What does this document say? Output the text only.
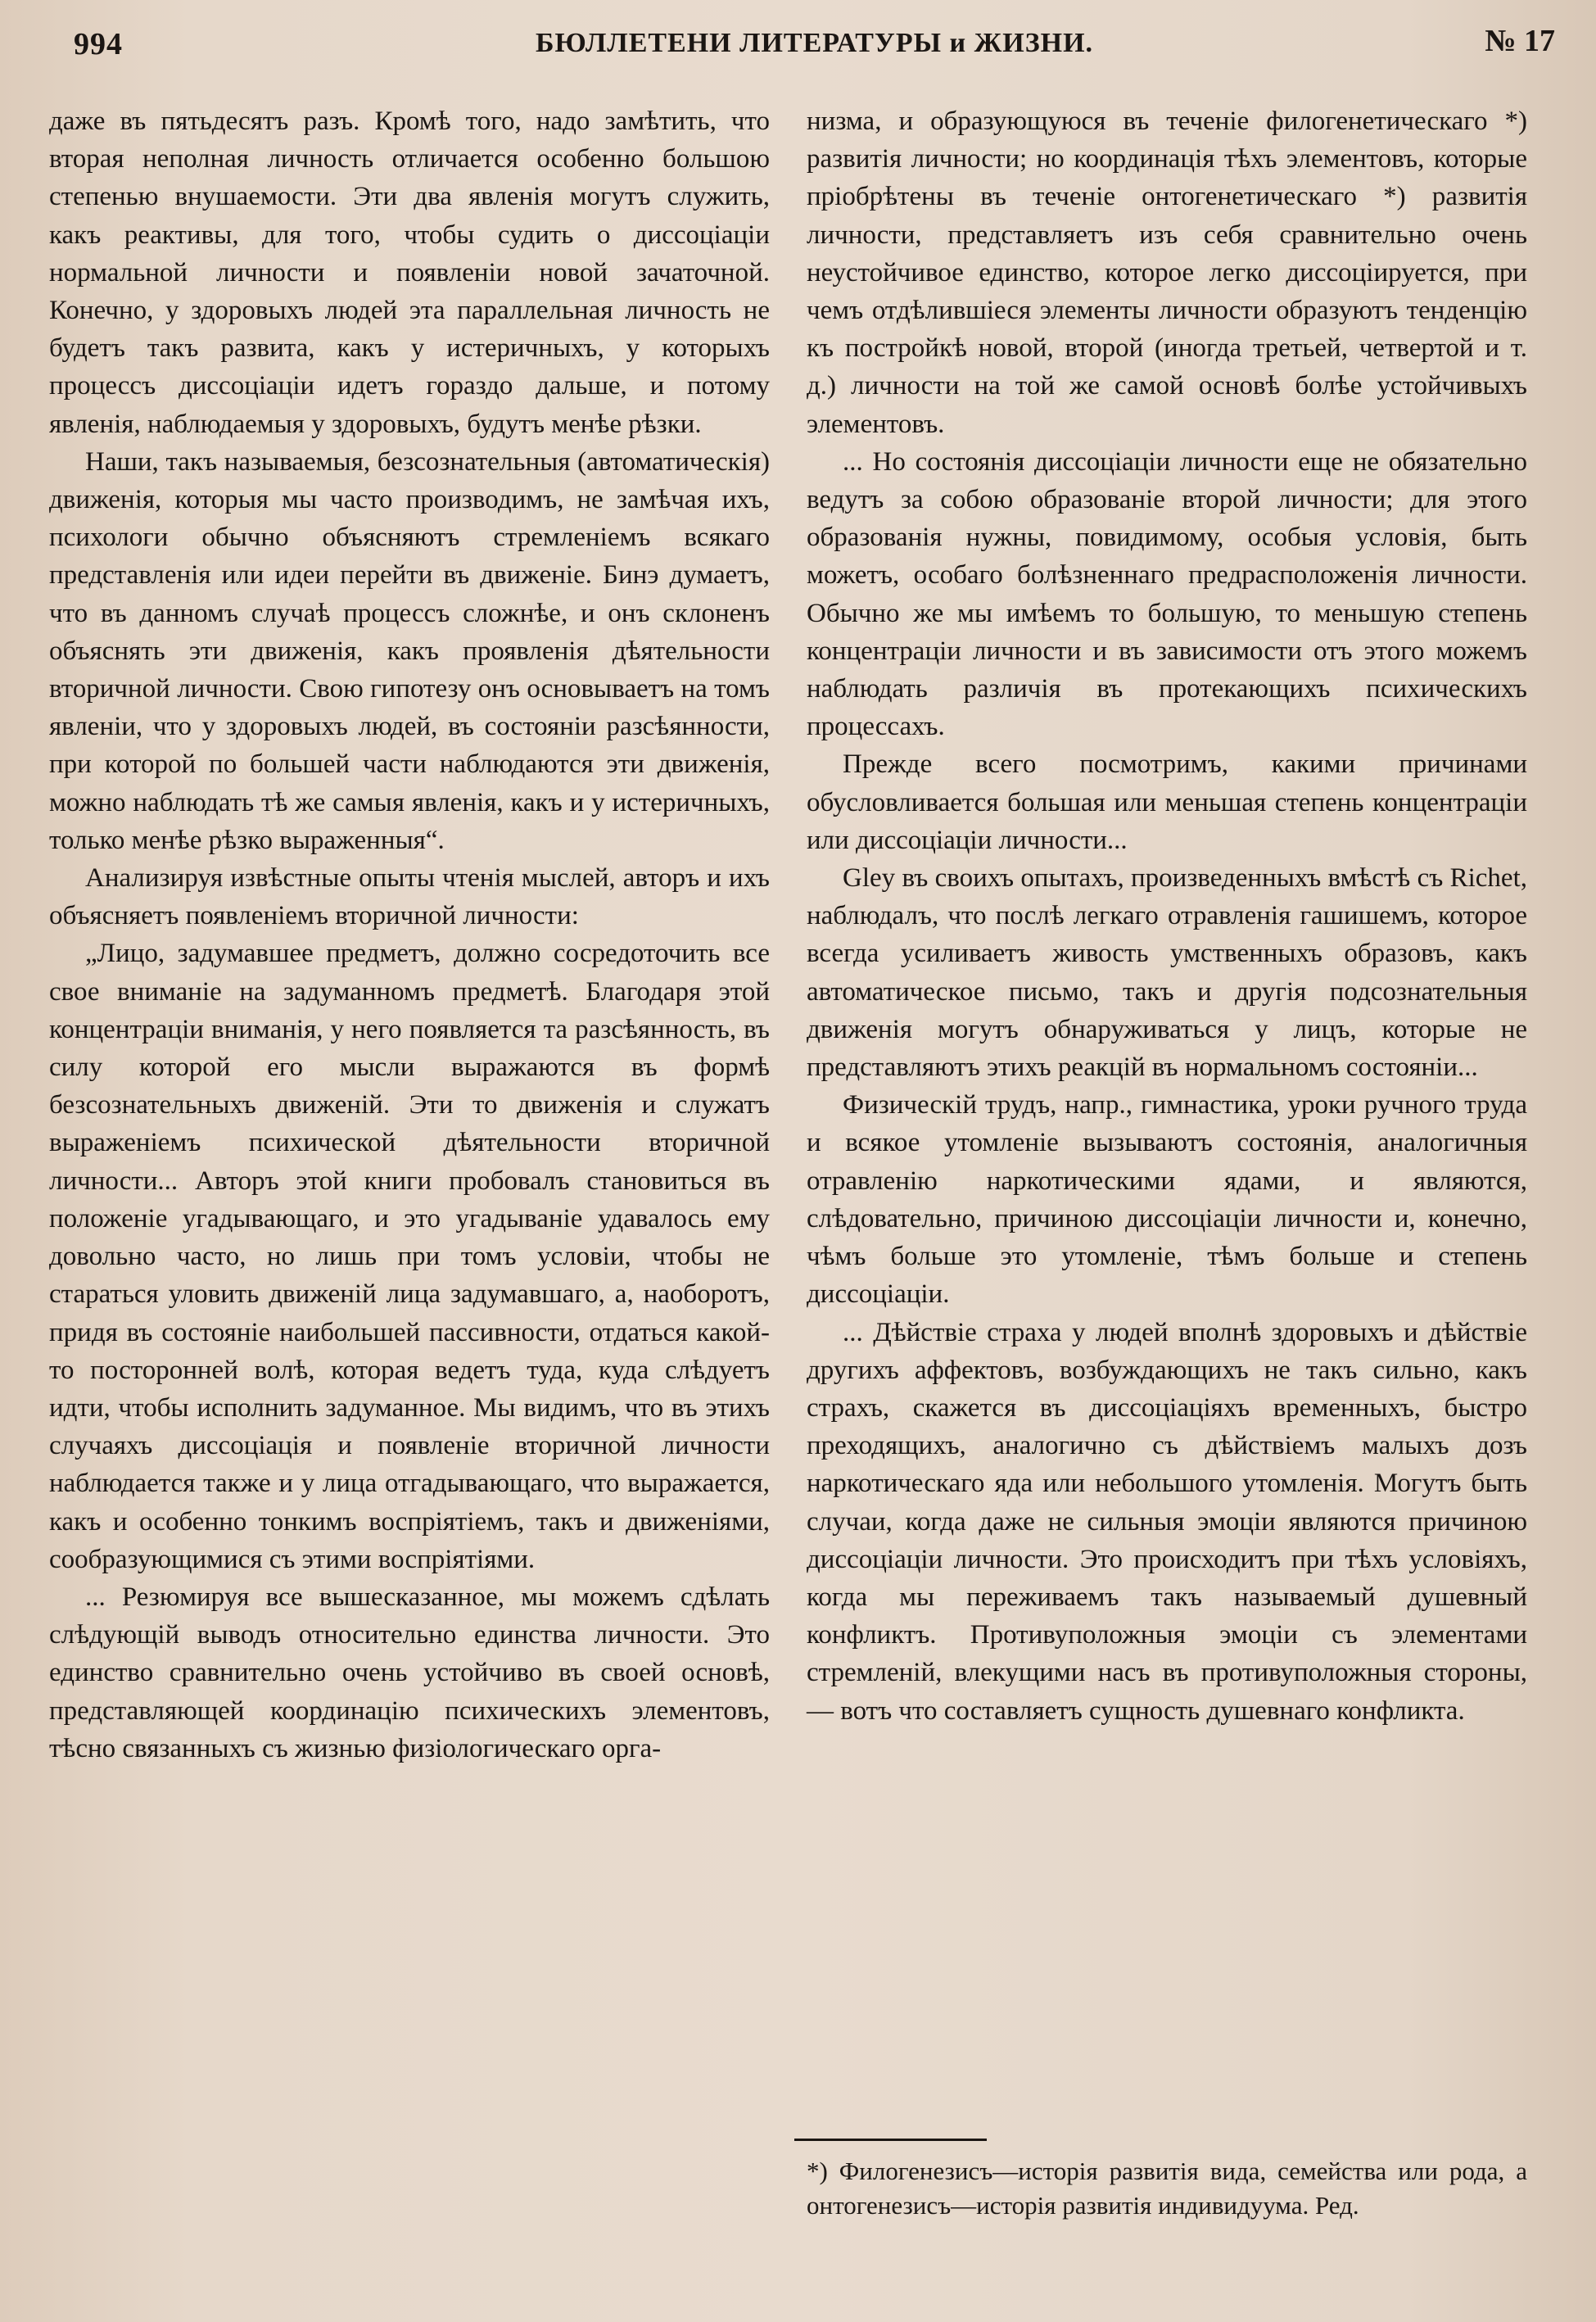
994	БЮЛЛЕТЕНИ ЛИТЕРАТУРЫ и ЖИЗНИ.	№ 17

даже въ пятьдесятъ разъ. Кромѣ того, надо замѣтить, что вторая неполная личность отличается особенно большою степенью внушаемости. Эти два явленія могутъ служить, какъ реактивы, для того, чтобы судить о диссоціаціи нормальной личности и появленіи новой зачаточной. Конечно, у здоровыхъ людей эта параллельная личность не будетъ такъ развита, какъ у истеричныхъ, у которыхъ процессъ диссоціаціи идетъ гораздо дальше, и потому явленія, наблюдаемыя у здоровыхъ, будутъ менѣе рѣзки.

Наши, такъ называемыя, безсознательныя (автоматическія) движенія, которыя мы часто производимъ, не замѣчая ихъ, психологи обычно объясняютъ стремленіемъ всякаго представленія или идеи перейти въ движеніе. Бинэ думаетъ, что въ данномъ случаѣ процессъ сложнѣе, и онъ склоненъ объяснять эти движенія, какъ проявленія дѣятельности вторичной личности. Свою гипотезу онъ основываетъ на томъ явленіи, что у здоровыхъ людей, въ состояніи разсѣянности, при которой по большей части наблюдаются эти движенія, можно наблюдать тѣ же самыя явленія, какъ и у истеричныхъ, только менѣе рѣзко выраженныя“.

Анализируя извѣстные опыты чтенія мыслей, авторъ и ихъ объясняетъ появленіемъ вторичной личности:

„Лицо, задумавшее предметъ, должно сосредоточить все свое вниманіе на задуманномъ предметѣ. Благодаря этой концентраціи вниманія, у него появляется та разсѣянность, въ силу которой его мысли выражаются въ формѣ безсознательныхъ движеній. Эти то движенія и служатъ выраженіемъ психической дѣятельности вторичной личности... Авторъ этой книги пробовалъ становиться въ положеніе угадывающаго, и это угадываніе удавалось ему довольно часто, но лишь при томъ условіи, чтобы не стараться уловить движеній лица задумавшаго, а, наоборотъ, придя въ состояніе наибольшей пассивности, отдаться какой-то посторонней волѣ, которая ведетъ туда, куда слѣдуетъ идти, чтобы исполнить задуманное. Мы видимъ, что въ этихъ случаяхъ диссоціація и появленіе вторичной личности наблюдается также и у лица отгадывающаго, что выражается, какъ и особенно тонкимъ воспріятіемъ, такъ и движеніями, сообразующимися съ этими воспріятіями.

... Резюмируя все вышесказанное, мы можемъ сдѣлать слѣдующій выводъ относительно единства личности. Это единство сравнительно очень устойчиво въ своей основѣ, представляющей координацію психическихъ элементовъ, тѣсно связанныхъ съ жизнью физіологическаго орга-

низма, и образующуюся въ теченіе филогенетическаго *) развитія личности; но координація тѣхъ элементовъ, которые пріобрѣтены въ теченіе онтогенетическаго *) развитія личности, представляетъ изъ себя сравнительно очень неустойчивое единство, которое легко диссоціируется, при чемъ отдѣлившіеся элементы личности образуютъ тенденцію къ постройкѣ новой, второй (иногда третьей, четвертой и т. д.) личности на той же самой основѣ болѣе устойчивыхъ элементовъ.

... Но состоянія диссоціаціи личности еще не обязательно ведутъ за собою образованіе второй личности; для этого образованія нужны, повидимому, особыя условія, быть можетъ, особаго болѣзненнаго предрасположенія личности. Обычно же мы имѣемъ то большую, то меньшую степень концентраціи личности и въ зависимости отъ этого можемъ наблюдать различія въ протекающихъ психическихъ процессахъ.

Прежде всего посмотримъ, какими причинами обусловливается большая или меньшая степень концентраціи или диссоціаціи личности...

Gley въ своихъ опытахъ, произведенныхъ вмѣстѣ съ Richet, наблюдалъ, что послѣ легкаго отравленія гашишемъ, которое всегда усиливаетъ живость умственныхъ образовъ, какъ автоматическое письмо, такъ и другія подсознательныя движенія могутъ обнаруживаться у лицъ, которые не представляютъ этихъ реакцій въ нормальномъ состояніи...

Физическій трудъ, напр., гимнастика, уроки ручного труда и всякое утомленіе вызываютъ состоянія, аналогичныя отравленію наркотическими ядами, и являются, слѣдовательно, причиною диссоціаціи личности и, конечно, чѣмъ больше это утомленіе, тѣмъ больше и степень диссоціаціи.

... Дѣйствіе страха у людей вполнѣ здоровыхъ и дѣйствіе другихъ аффектовъ, возбуждающихъ не такъ сильно, какъ страхъ, скажется въ диссоціаціяхъ временныхъ, быстро преходящихъ, аналогично съ дѣйствіемъ малыхъ дозъ наркотическаго яда или небольшого утомленія. Могутъ быть случаи, когда даже не сильныя эмоціи являются причиною диссоціаціи личности. Это происходитъ при тѣхъ условіяхъ, когда мы переживаемъ такъ называемый душевный конфликтъ. Противуположныя эмоціи съ элементами стремленій, влекущими насъ въ противуположныя стороны, — вотъ что составляетъ сущность душевнаго конфликта.

*) Филогенезисъ—исторія развитія вида, семейства или рода, а онтогенезисъ—исторія развитія индивидуума. Ред.
